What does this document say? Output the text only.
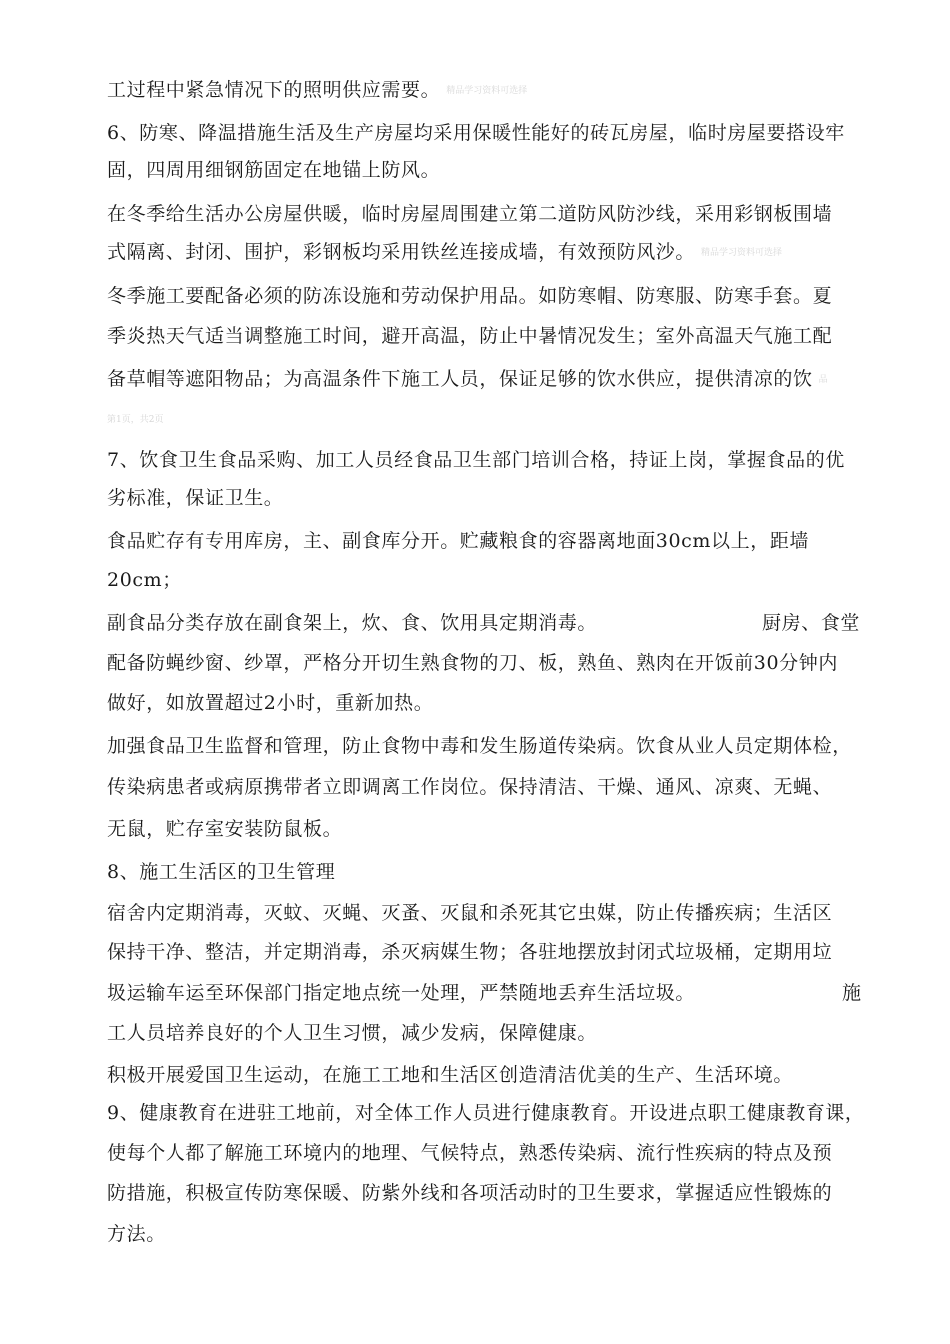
工过程中紧急情况下的照明供应需要。 精品学习资料可选择
6、防寒、降温措施生活及生产房屋均采用保暖性能好的砖瓦房屋，临时房屋要搭设牢
固，四周用细钢筋固定在地锚上防风。
在冬季给生活办公房屋供暖，临时房屋周围建立第二道防风防沙线，采用彩钢板围墙
式隔离、封闭、围护，彩钢板均采用铁丝连接成墙，有效预防风沙。 精品学习资料可选择
冬季施工要配备必须的防冻设施和劳动保护用品。如防寒帽、防寒服、防寒手套。夏
季炎热天气适当调整施工时间，避开高温，防止中暑情况发生；室外高温天气施工配
备草帽等遮阳物品；为高温条件下施工人员，保证足够的饮水供应，提供清凉的饮 品
第1页，共2页
7、饮食卫生食品采购、加工人员经食品卫生部门培训合格，持证上岗，掌握食品的优
劣标准，保证卫生。
食品贮存有专用库房，主、副食库分开。贮藏粮食的容器离地面30cm以上，距墙
20cm；
副食品分类存放在副食架上，炊、食、饮用具定期消毒。	厨房、食堂
配备防蝇纱窗、纱罩，严格分开切生熟食物的刀、板，熟鱼、熟肉在开饭前30分钟内
做好，如放置超过2小时，重新加热。
加强食品卫生监督和管理，防止食物中毒和发生肠道传染病。饮食从业人员定期体检，
传染病患者或病原携带者立即调离工作岗位。保持清洁、干燥、通风、凉爽、无蝇、
无鼠，贮存室安装防鼠板。
8、施工生活区的卫生管理
宿舍内定期消毒，灭蚊、灭蝇、灭蚤、灭鼠和杀死其它虫媒，防止传播疾病；生活区
保持干净、整洁，并定期消毒，杀灭病媒生物；各驻地摆放封闭式垃圾桶，定期用垃
圾运输车运至环保部门指定地点统一处理，严禁随地丢弃生活垃圾。	施
工人员培养良好的个人卫生习惯，减少发病，保障健康。
积极开展爱国卫生运动，在施工工地和生活区创造清洁优美的生产、生活环境。
9、健康教育在进驻工地前，对全体工作人员进行健康教育。开设进点职工健康教育课，
使每个人都了解施工环境内的地理、气候特点，熟悉传染病、流行性疾病的特点及预
防措施，积极宣传防寒保暖、防紫外线和各项活动时的卫生要求，掌握适应性锻炼的
方法。
